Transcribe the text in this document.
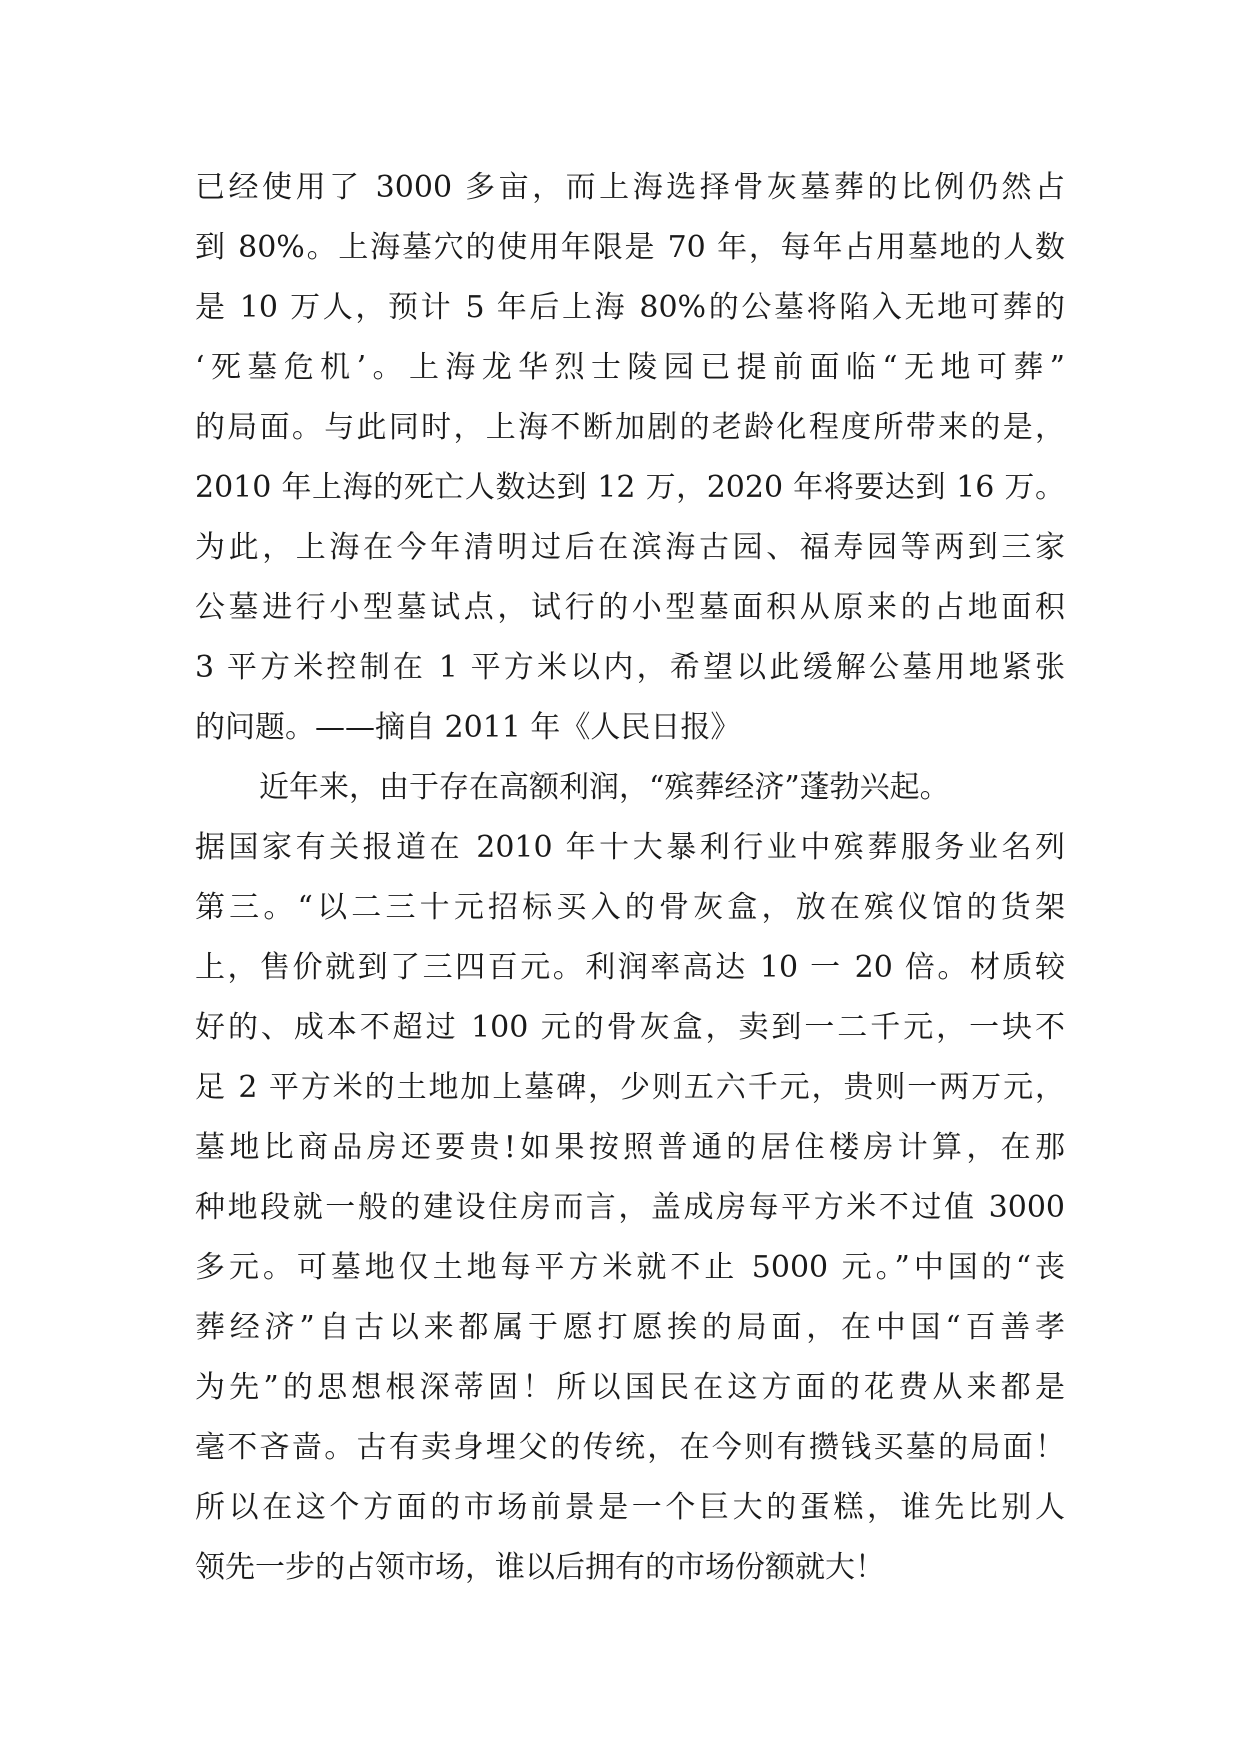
已经使用了 3000 多亩，而上海选择骨灰墓葬的比例仍然占
到 80%。上海墓穴的使用年限是 70 年，每年占用墓地的人数
是 10 万人，预计 5 年后上海 80%的公墓将陷入无地可葬的
‘死墓危机’。上海龙华烈士陵园已提前面临“无地可葬”
的局面。与此同时，上海不断加剧的老龄化程度所带来的是，
2010 年上海的死亡人数达到 12 万，2020 年将要达到 16 万。
为此，上海在今年清明过后在滨海古园、福寿园等两到三家
公墓进行小型墓试点，试行的小型墓面积从原来的占地面积
3 平方米控制在 1 平方米以内，希望以此缓解公墓用地紧张
的问题。——摘自 2011 年《人民日报》
近年来，由于存在高额利润，“殡葬经济”蓬勃兴起。
据国家有关报道在 2010 年十大暴利行业中殡葬服务业名列
第三。“以二三十元招标买入的骨灰盒，放在殡仪馆的货架
上，售价就到了三四百元。利润率高达 10 一 20 倍。材质较
好的、成本不超过 100 元的骨灰盒，卖到一二千元，一块不
足 2 平方米的土地加上墓碑，少则五六千元，贵则一两万元，
墓地比商品房还要贵!如果按照普通的居住楼房计算，在那
种地段就一般的建设住房而言，盖成房每平方米不过值 3000
多元。可墓地仅土地每平方米就不止 5000 元。”中国的“丧
葬经济”自古以来都属于愿打愿挨的局面，在中国“百善孝
为先”的思想根深蒂固！所以国民在这方面的花费从来都是
毫不吝啬。古有卖身埋父的传统，在今则有攒钱买墓的局面！
所以在这个方面的市场前景是一个巨大的蛋糕，谁先比别人
领先一步的占领市场，谁以后拥有的市场份额就大！
